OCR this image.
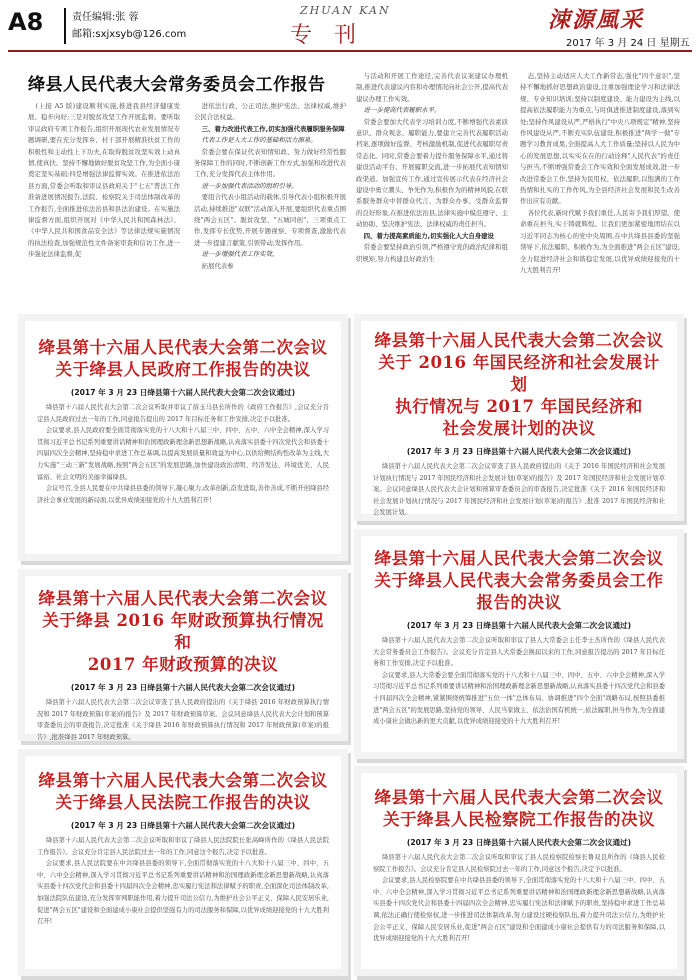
A8	责任编辑:张 蓉
邮箱:sxjxsyb@126.com
ZHUAN KAN
专刊
涑源風采
2017 年 3 月 24 日 星期五
绛县人民代表大会常务委员会工作报告

(上接 A5 版)建设顺利实施,推进我县经济健康发展、稳步向好;三是对脱贫攻坚工作开展监督。要听取审议政府专项工作报告,组织开展现代农业发展情况专题调研,要在充分发挥乡、村干部开展精准扶贫工作的积极性和主动性上下功夫,在取得脱贫攻坚实效上动真情,使真扶、坚持不懈地做好脱贫攻坚工作,为全面小康奠定坚实基础;四是增强法律监督实效。在推进依法治县方面,常委会听取和审议县政府关于"七五"普法工作准备进展情况报告,法院、检察院关于司法体制改革的工作报告,全面推进依法治县和县法治建设。在实施法律监督方面,组织开展对《中华人民共和国森林法》、《中华人民共和国食品安全法》等法律法规实施情况的执法检查,加强规范性文件备案审查和信访工作,进一步强化法律监督,促

进依法行政、公正司法,维护宪法、法律权威,维护公民合法权益。

三、着力改进代表工作,切实加强代表履职服务保障

代表工作是人大工作的基础和活力源泉。

常委会要在保证代表知情知政、努力做好经常性服务保障工作的同时,不断创新工作方式,加强和改进代表工作,充分发挥代表主体作用。

进一步加强代表活动的组织引导。

要组合代表小组活动的载体,引导代表小组积极开展活动,持续推进"双联"活动深入开展,要组织代表重点围绕"两会五区"、脱贫攻坚、"五城同创"、三项重点工作,发挥专长优势,开展专题视察、专项督查,激励代表进一步提建言献策,引领带动,发挥作用。

进一步增强代表工作实效。

拓展代表参

与活动和开展工作途径,完善代表议案建议办理机制,推进代表建议内容和办理情况向社会公开,提高代表建议办理工作实效。

进一步提高代表履职水平。

常委会要加大代表学习培训力度,不断增强代表素质意识、群众观念、履职能力,要建立完善代表履职活动档案,逐项做好监督、考核激励机制,促进代表履职尽责常态化。同时,常委会要着力提升服务保障水平,通过将建设活动平台、开展履职交流,进一步拓展代表知情知政渠道。加强宣传工作,通过宣传展示代表在经济社会建设中勇立潮头、争先作为,积极作为的精神风貌,在联系服务群众中替群众代言、为群众办事、受群众监督的良好形象,在推进依法治县,法律实施中模范遵守、主动协助、坚决维护宪法、法律权威的责任担当。

四、着力提高素质能力,切实强化人大自身建设

常委会要坚持政治引领,严格遵守党的政治纪律和组织规矩,努力构建良好政治生

态,坚持主动适应人大工作新常态,强化"四个意识",坚持不懈地抓好思想政治建设,注重加强理论学习和法律法规、专业知识培训;坚持以制度建设、能力建设为主线,以提高依法履职能力为重点,与时俱进推进制度建设,落到实处;坚持作风建设从严,严格执行"中央八项规定"精神,坚持作风建设从严,不断充实队伍建设,积极推进"两学一做"专题学习教育成果,全面提高人大工作质量;坚持以人民为中心的发展思想,以实实在在的行动诠释"人民代表"的责任与担当,不断增强常委会工作实效和全面发展成效,进一步改进常委会工作,坚持为民用权、依法履职,以饱满的工作热情和扎实的工作作风,为全县经济社会发展和民生改善作出应有贡献。

各位代表,新时代赋予我们重任,人民寄予我们厚望。使命重在担当,实干铸就辉煌。让我们更加紧密地团结在以习近平同志为核心的党中央周围,在中共绛县县委的坚强领导下,依法履职、积极作为,为全面推进"两会五区"建设,全力促进经济社会和谐稳定发展,以优异成绩迎接党的十九大胜利召开!

绛县第十六届人民代表大会第二次会议
关于绛县人民政府工作报告的决议
(2017 年 3 月 23 日绛县第十六届人民代表大会第二次会议通过)

绛县第十六届人民代表大会第二次会议听取并审议了薛玉马县长所作的《政府工作报告》,会议充分肯定县人民政府过去一年的工作,同意报告提出的 2017 年目标任务和工作安排,决定予以批准。

会议要求,县人民政府要全面贯彻落实党的十八大和十八届三中、四中、五中、六中全会精神,深入学习贯彻习近平总书记系列重要讲话精神和治国理政新理念新思想新战略,认真落实县委十四次党代会和县委十四届四次全会精神,坚持稳中求进工作总基调,以提高发展质量和效益为中心,以供给侧结构性改革为主线,大力实施"三动三新"发展战略,按照"两会五区"的发展思路,加快建设政治清明、经济发达、环境优美、人民富裕、社会文明的美丽幸福绛县。

会议号召,全县人民要在中共绛县县委的领导下,凝心聚力,改革创新,奋发进取,善作善成,不断开创绛县经济社会事业发展的新局面,以优异成绩迎接党的十九大胜利召开!

绛县第十六届人民代表大会第二次会议
关于 2016 年国民经济和社会发展计划
执行情况与 2017 年国民经济和
社会发展计划的决议
(2017 年 3 月 23 日绛县第十六届人民代表大会第二次会议通过)

绛县第十六届人民代表大会第二次会议审查了县人民政府提出的《关于 2016 年国民经济和社会发展计划执行情况与 2017 年国民经济和社会发展计划(草案)的报告》及 2017 年国民经济和社会发展计划草案。会议同意绛县人民代表大会计划和预算审查委员会的审查报告,决定批准《关于 2016 年国民经济和社会发展计划执行情况与 2017 年国民经济和社会发展计划(草案)的报告》,批准 2017 年国民经济和社会发展计划。

绛县第十六届人民代表大会第二次会议
关于绛县人民代表大会常务委员会工作
报告的决议
(2017 年 3 月 23 日绛县第十六届人民代表大会第二次会议通过)

绛县第十六届人民代表大会第二次会议听取和审议了县人大常委会主任李士杰所作的《绛县人民代表大会常务委员会工作报告》。会议充分肯定县人大常委会换届以来的工作,同意报告提出的 2017 年目标任务和工作安排,决定予以批准。

会议要求,县人大常委会要全面贯彻落实党的十八大和十八届三中、四中、五中、六中全会精神,深入学习贯彻习近平总书记系列重要讲话精神和治国理政新理念新思想新战略,认真落实县委十四次党代会和县委十四届四次全会精神,紧紧围绕统筹推进"五位一体"总体布局、协调推进"四个全面"战略布局,按照县委推进"两会五区"的发展思路,坚持党的领导、人民当家做主、依法治国有机统一,依法履职,担当作为,为全面建成小康社会做出新的更大贡献,以优异成绩迎接党的十九大胜利召开!

绛县第十六届人民代表大会第二次会议
关于绛县 2016 年财政预算执行情况和
2017 年财政预算的决议
(2017 年 3 月 23 日绛县第十六届人民代表大会第二次会议通过)

绛县第十六届人民代表大会第二次会议审查了县人民政府提出的《关于绛县 2016 年财政预算执行情况和 2017 年财政预算(草案)的报告》及 2017 年财政预算草案。会议同意绛县人民代表大会计划和预算审查委员会的审查报告,决定批准《关于绛县 2016 年财政预算执行情况和 2017 年财政预算(草案)的报告》,批准绛县 2017 年财政预算。

绛县第十六届人民代表大会第二次会议
关于绛县人民法院工作报告的决议
(2017 年 3 月 23 日绛县第十六届人民代表大会第二次会议通过)

绛县第十六届人民代表大会第二次会议听取和审议了绛县人民法院院长张高峰所作的《绛县人民法院工作报告》。会议充分肯定县人民法院过去一年的工作,同意这个报告,决定予以批准。

会议要求,县人民法院要在中共绛县县委的领导下,全面贯彻落实党的十八大和十八届三中、四中、五中、六中全会精神,深入学习贯彻习近平总书记系列重要讲话精神和治国理政新理念新思想新战略,认真落实县委十四次党代会和县委十四届四次全会精神,忠实履行宪法和法律赋予的职责,全面深化司法体制改革,加强法院队伍建设,充分发挥审判职能作用,着力提升司法公信力,为维护社会公平正义、保障人民安居乐业,促进"两会五区"建设和全面建成小康社会提供坚强有力的司法服务和保障,以优异成绩迎接党的十九大胜利召开!

绛县第十六届人民代表大会第二次会议
关于绛县人民检察院工作报告的决议
(2017 年 3 月 23 日绛县第十六届人民代表大会第二次会议通过)

绛县第十六届人民代表大会第二次会议听取和审议了县人民检察院检察长鲁双良所作的《绛县人民检察院工作报告》。会议充分肯定县人民检察院过去一年的工作,同意这个报告,决定予以批准。

会议要求,县人民检察院要在中共绛县县委的领导下,全面贯彻落实党的十八大和十八届三中、四中、五中、六中全会精神,深入学习贯彻习近平总书记系列重要讲话精神和治国理政新理念新思想新战略,认真落实县委十四次党代会和县委十四届四次全会精神,忠实履行宪法和法律赋予的职责,坚持稳中求进工作总基调,依法正确行使检察权,进一步推进司法体制改革,努力建设过硬检察队伍,着力提升司法公信力,为维护社会公平正义、保障人民安居乐业,促进"两会五区"建设和全面建成小康社会提供有力的司法服务和保障,以优异成绩迎接党的十九大胜利召开!
